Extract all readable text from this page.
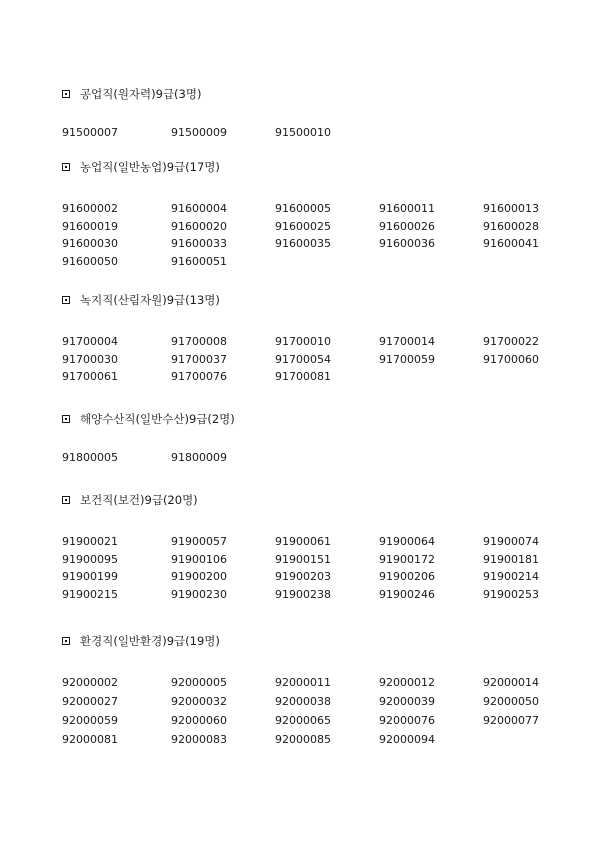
공업직(원자력)9급(3명)
91500007	91500009	91500010
농업직(일반농업)9급(17명)
91600002	91600004	91600005	91600011	91600013
91600019	91600020	91600025	91600026	91600028
91600030	91600033	91600035	91600036	91600041
91600050	91600051
녹지직(산림자원)9급(13명)
91700004	91700008	91700010	91700014	91700022
91700030	91700037	91700054	91700059	91700060
91700061	91700076	91700081
해양수산직(일반수산)9급(2명)
91800005	91800009
보건직(보건)9급(20명)
91900021	91900057	91900061	91900064	91900074
91900095	91900106	91900151	91900172	91900181
91900199	91900200	91900203	91900206	91900214
91900215	91900230	91900238	91900246	91900253
환경직(일반환경)9급(19명)
92000002	92000005	92000011	92000012	92000014
92000027	92000032	92000038	92000039	92000050
92000059	92000060	92000065	92000076	92000077
92000081	92000083	92000085	92000094
